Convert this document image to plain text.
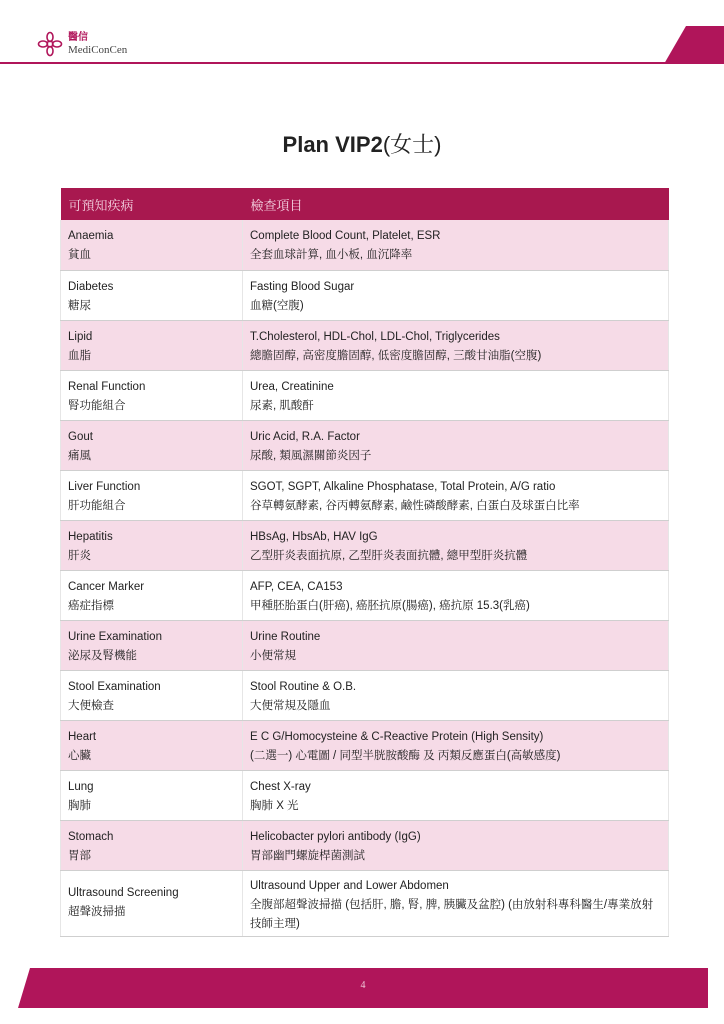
醫信
MediConCen
Plan VIP2(女士)
可預知疾病	檢查項目

Anaemia
貧血	Complete Blood Count, Platelet, ESR
全套血球計算, 血小板, 血沉降率

Diabetes
糖尿	Fasting Blood Sugar
血糖(空腹)

Lipid
血脂	T.Cholesterol, HDL-Chol, LDL-Chol, Triglycerides
總膽固醇, 高密度膽固醇, 低密度膽固醇, 三酸甘油脂(空腹)

Renal Function
腎功能組合	Urea, Creatinine
尿素, 肌酸酐

Gout
痛風	Uric Acid, R.A. Factor
尿酸, 類風濕關節炎因子

Liver Function
肝功能組合	SGOT, SGPT, Alkaline Phosphatase, Total Protein, A/G ratio
谷草轉氨酵素, 谷丙轉氨酵素, 鹼性磷酸酵素, 白蛋白及球蛋白比率

Hepatitis
肝炎	HBsAg, HbsAb, HAV IgG
乙型肝炎表面抗原, 乙型肝炎表面抗體, 總甲型肝炎抗體

Cancer Marker
癌症指標	AFP, CEA, CA153
甲種胚胎蛋白(肝癌), 癌胚抗原(腸癌), 癌抗原 15.3(乳癌)

Urine Examination
泌尿及腎機能	Urine Routine
小便常規

Stool Examination
大便檢查	Stool Routine & O.B.
大便常規及隱血

Heart
心臟	E C G/Homocysteine & C-Reactive Protein (High Sensity)
(二選一) 心電圖 / 同型半胱胺酸酶 及 丙類反應蛋白(高敏感度)

Lung
胸肺	Chest X-ray
胸肺 X 光

Stomach
胃部	Helicobacter pylori antibody (IgG)
胃部幽門螺旋桿菌測試

Ultrasound Screening
超聲波掃描	Ultrasound Upper and Lower Abdomen
全腹部超聲波掃描 (包括肝, 膽, 腎, 脾, 胰臟及盆腔) (由放射科專科醫生/專業放射技師主理)
4
